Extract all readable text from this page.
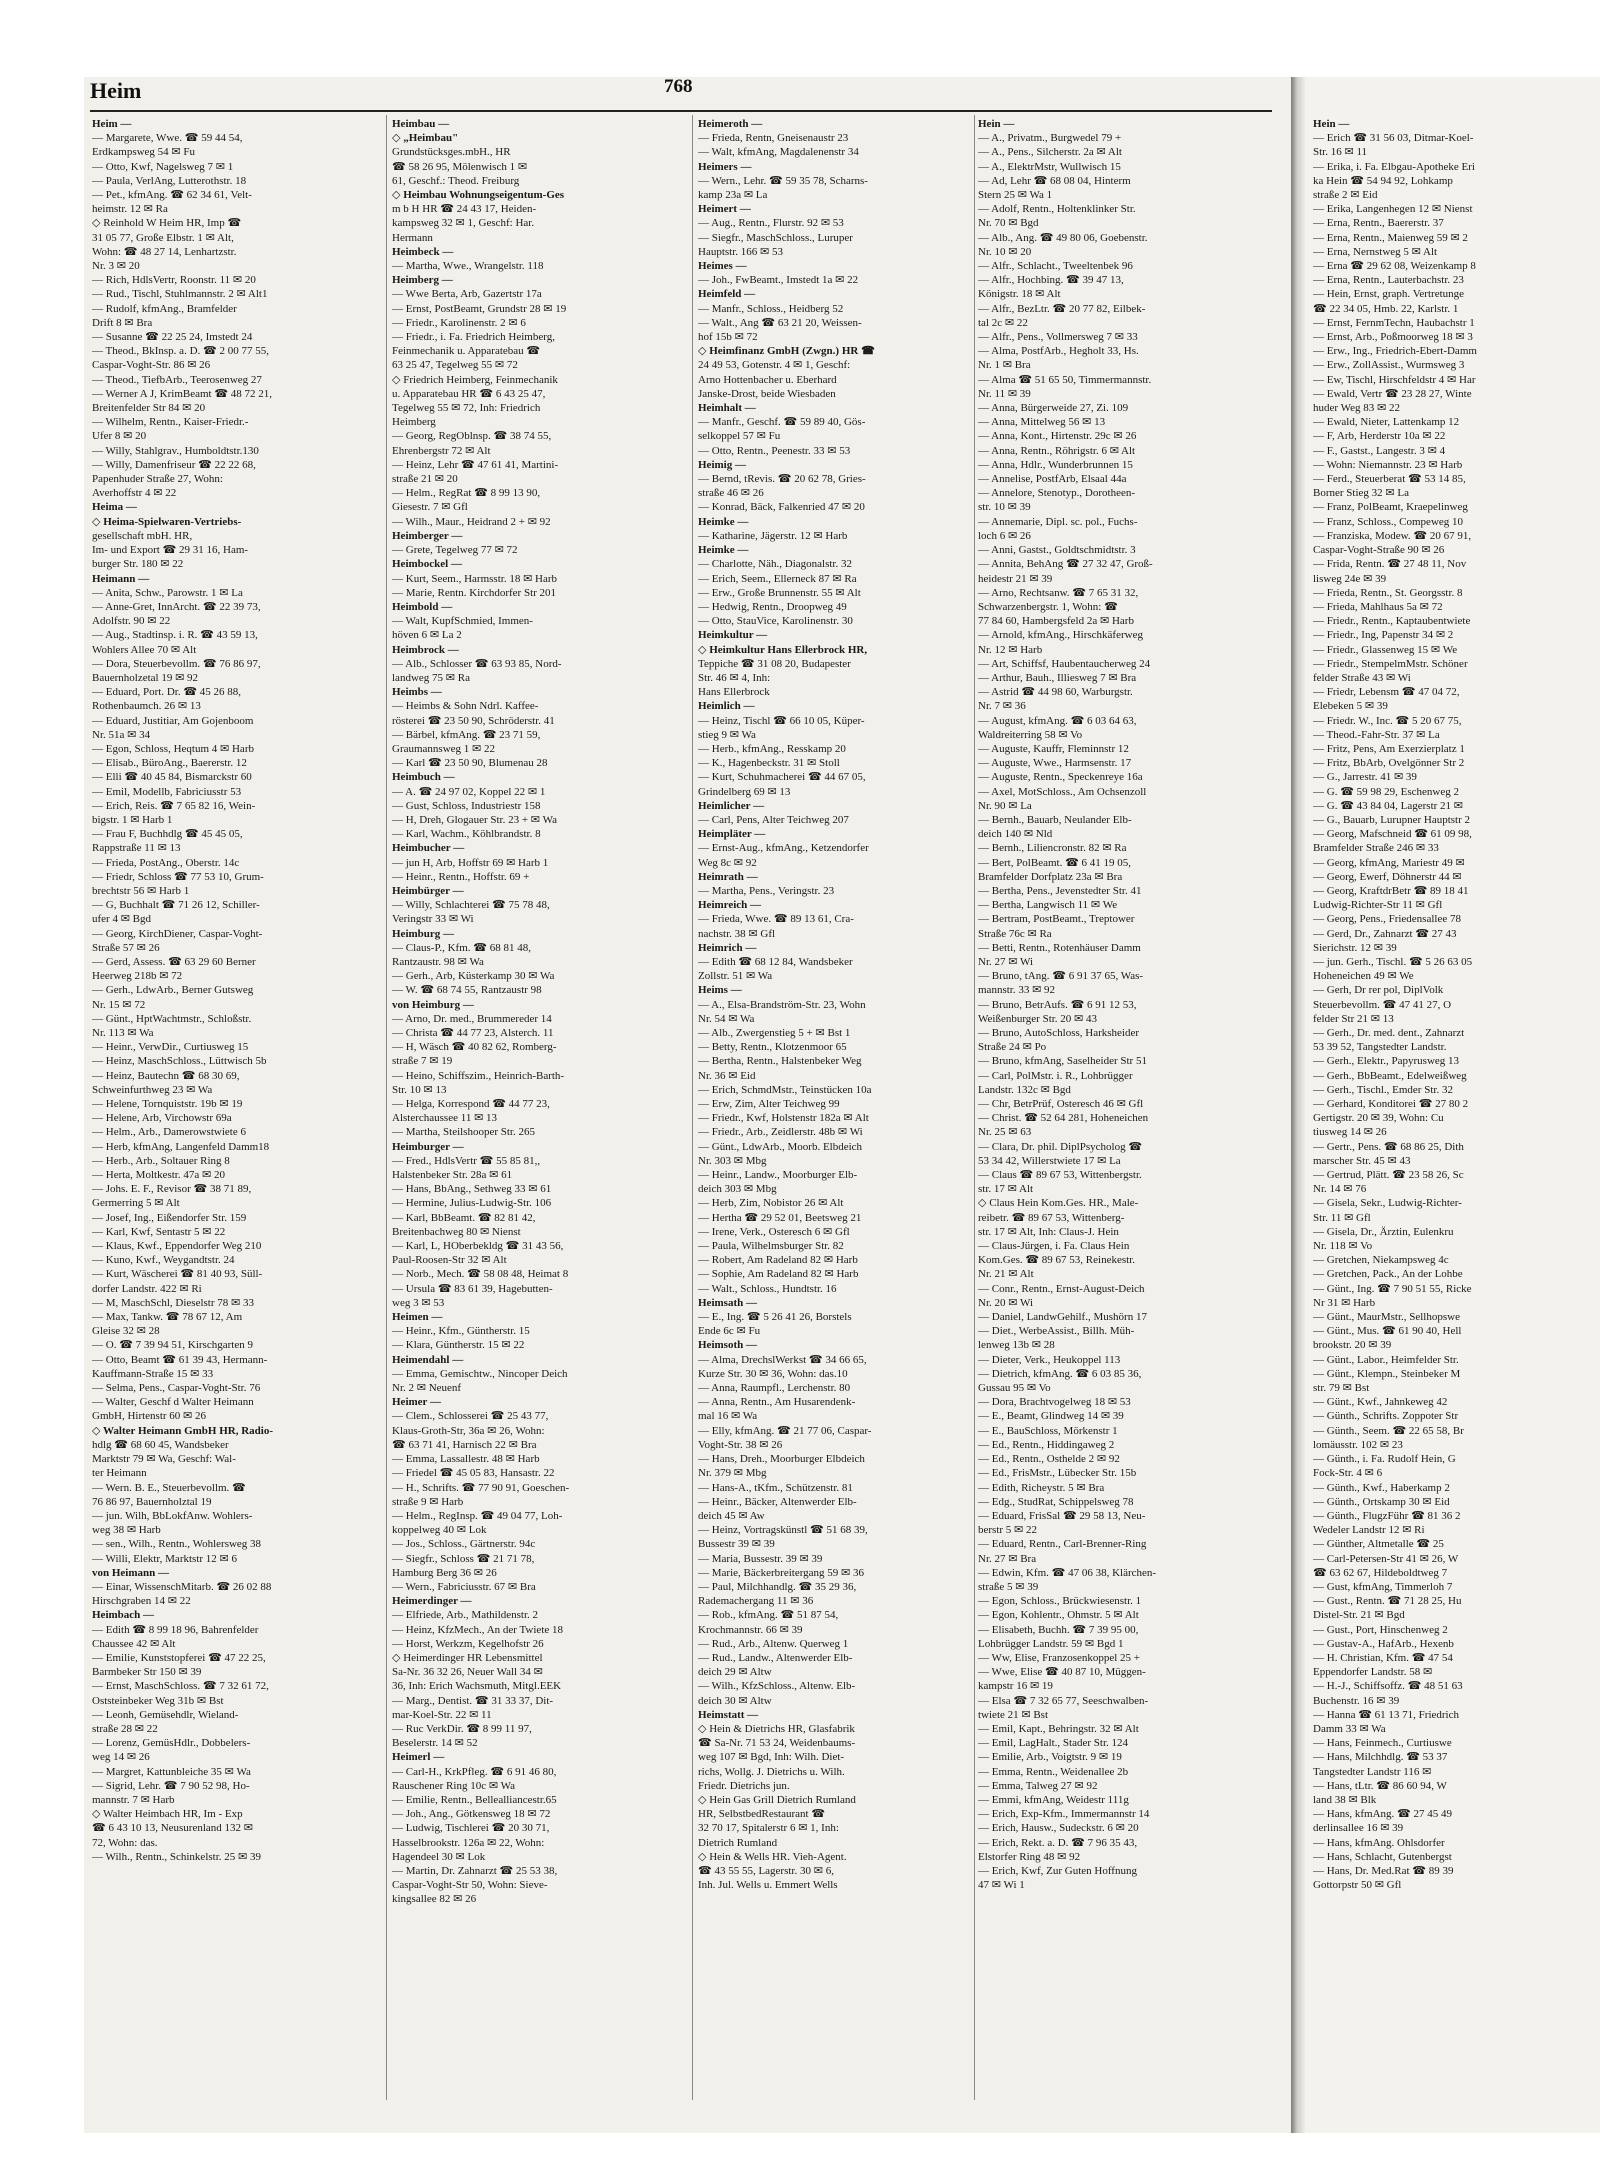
Heim	768
Heim —
— Margarete, Wwe. ☎ 59 44 54,
Erdkampsweg 54 ✉ Fu
— Otto, Kwf, Nagelsweg 7 ✉ 1
— Paula, VerlAng, Lutterothstr. 18
— Pet., kfmAng. ☎ 62 34 61, Velt-
heimstr. 12 ✉ Ra
◇ Reinhold W Heim HR, Imp ☎
31 05 77, Große Elbstr. 1 ✉ Alt,
Wohn: ☎ 48 27 14, Lenhartzstr.
Nr. 3 ✉ 20
— Rich, HdlsVertr, Roonstr. 11 ✉ 20
— Rud., Tischl, Stuhlmannstr. 2 ✉ Alt1
— Rudolf, kfmAng., Bramfelder
Drift 8 ✉ Bra
— Susanne ☎ 22 25 24, Imstedt 24
— Theod., BkInsp. a. D. ☎ 2 00 77 55,
Caspar-Voght-Str. 86 ✉ 26
— Theod., TiefbArb., Teerosenweg 27
— Werner A J, KrimBeamt ☎ 48 72 21,
Breitenfelder Str 84 ✉ 20
— Wilhelm, Rentn., Kaiser-Friedr.-
Ufer 8 ✉ 20
— Willy, Stahlgrav., Humboldtstr.130
— Willy, Damenfriseur ☎ 22 22 68,
Papenhuder Straße 27, Wohn:
Averhoffstr 4 ✉ 22
Heima —
◇ Heima-Spielwaren-Vertriebs-
gesellschaft mbH. HR,
Im- und Export ☎ 29 31 16, Ham-
burger Str. 180 ✉ 22
Heimann —
— Anita, Schw., Parowstr. 1 ✉ La
— Anne-Gret, InnArcht. ☎ 22 39 73,
Adolfstr. 90 ✉ 22
— Aug., Stadtinsp. i. R. ☎ 43 59 13,
Wohlers Allee 70 ✉ Alt
— Dora, Steuerbevollm. ☎ 76 86 97,
Bauernholzetal 19 ✉ 92
— Eduard, Port. Dr. ☎ 45 26 88,
Rothenbaumch. 26 ✉ 13
— Eduard, Justitiar, Am Gojenboom
Nr. 51a ✉ 34
— Egon, Schloss, Heqtum 4 ✉ Harb
— Elisab., BüroAng., Baererstr. 12
— Elli ☎ 40 45 84, Bismarckstr 60
— Emil, Modellb, Fabriciusstr 53
— Erich, Reis. ☎ 7 65 82 16, Wein-
bigstr. 1 ✉ Harb 1
— Frau F, Buchhdlg ☎ 45 45 05,
Rappstraße 11 ✉ 13
— Frieda, PostAng., Oberstr. 14c
— Friedr, Schloss ☎ 77 53 10, Grum-
brechtstr 56 ✉ Harb 1
— G, Buchhalt ☎ 71 26 12, Schiller-
ufer 4 ✉ Bgd
— Georg, KirchDiener, Caspar-Voght-
Straße 57 ✉ 26
— Gerd, Assess. ☎ 63 29 60 Berner
Heerweg 218b ✉ 72
— Gerh., LdwArb., Berner Gutsweg
Nr. 15 ✉ 72
— Günt., HptWachtmstr., Schloßstr.
Nr. 113 ✉ Wa
— Heinr., VerwDir., Curtiusweg 15
— Heinz, MaschSchloss., Lüttwisch 5b
— Heinz, Bautechn ☎ 68 30 69,
Schweinfurthweg 23 ✉ Wa
— Helene, Tornquiststr. 19b ✉ 19
— Helene, Arb, Virchowstr 69a
— Helm., Arb., Damerowstwiete 6
— Herb, kfmAng, Langenfeld Damm18
— Herb., Arb., Soltauer Ring 8
— Herta, Moltkestr. 47a ✉ 20
— Johs. E. F., Revisor ☎ 38 71 89,
Germerring 5 ✉ Alt
— Josef, Ing., Eißendorfer Str. 159
— Karl, Kwf, Sentastr 5 ✉ 22
— Klaus, Kwf., Eppendorfer Weg 210
— Kuno, Kwf., Weygandtstr. 24
— Kurt, Wäscherei ☎ 81 40 93, Süll-
dorfer Landstr. 422 ✉ Ri
— M, MaschSchl, Dieselstr 78 ✉ 33
— Max, Tankw. ☎ 78 67 12, Am
Gleise 32 ✉ 28
— O. ☎ 7 39 94 51, Kirschgarten 9
— Otto, Beamt ☎ 61 39 43, Hermann-
Kauffmann-Straße 15 ✉ 33
— Selma, Pens., Caspar-Voght-Str. 76
— Walter, Geschf d Walter Heimann
GmbH, Hirtenstr 60 ✉ 26
◇ Walter Heimann GmbH HR, Radio-
hdlg ☎ 68 60 45, Wandsbeker
Marktstr 79 ✉ Wa, Geschf: Wal-
ter Heimann
— Wern. B. E., Steuerbevollm. ☎
76 86 97, Bauernholztal 19
— jun. Wilh, BbLokfAnw. Wohlers-
weg 38 ✉ Harb
— sen., Wilh., Rentn., Wohlersweg 38
— Willi, Elektr, Marktstr 12 ✉ 6
von Heimann —
— Einar, WissenschMitarb. ☎ 26 02 88
Hirschgraben 14 ✉ 22
Heimbach —
— Edith ☎ 8 99 18 96, Bahrenfelder
Chaussee 42 ✉ Alt
— Emilie, Kunststopferei ☎ 47 22 25,
Barmbeker Str 150 ✉ 39
— Ernst, MaschSchloss. ☎ 7 32 61 72,
Oststeinbeker Weg 31b ✉ Bst
— Leonh, Gemüsehdlr, Wieland-
straße 28 ✉ 22
— Lorenz, GemüsHdlr., Dobbelers-
weg 14 ✉ 26
— Margret, Kattunbleiche 35 ✉ Wa
— Sigrid, Lehr. ☎ 7 90 52 98, Ho-
mannstr. 7 ✉ Harb
◇ Walter Heimbach HR, Im - Exp
☎ 6 43 10 13, Neusurenland 132 ✉
72, Wohn: das.
— Wilh., Rentn., Schinkelstr. 25 ✉ 39
Heimbau —
◇ „Heimbau"
Grundstücksges.mbH., HR
☎ 58 26 95, Mölenwisch 1 ✉
61, Geschf.: Theod. Freiburg
◇ Heimbau Wohnungseigentum-Ges
m b H HR ☎ 24 43 17, Heiden-
kampsweg 32 ✉ 1, Geschf: Har.
Hermann
Heimbeck —
— Martha, Wwe., Wrangelstr. 118
Heimberg —
— Wwe Berta, Arb, Gazertstr 17a
— Ernst, PostBeamt, Grundstr 28 ✉ 19
— Friedr., Karolinenstr. 2 ✉ 6
— Friedr., i. Fa. Friedrich Heimberg,
Feinmechanik u. Apparatebau ☎
63 25 47, Tegelweg 55 ✉ 72
◇ Friedrich Heimberg, Feinmechanik
u. Apparatebau HR ☎ 6 43 25 47,
Tegelweg 55 ✉ 72, Inh: Friedrich
Heimberg
— Georg, RegOblnsp. ☎ 38 74 55,
Ehrenbergstr 72 ✉ Alt
— Heinz, Lehr ☎ 47 61 41, Martini-
straße 21 ✉ 20
— Helm., RegRat ☎ 8 99 13 90,
Giesestr. 7 ✉ Gfl
— Wilh., Maur., Heidrand 2 + ✉ 92
Heimberger —
— Grete, Tegelweg 77 ✉ 72
Heimbockel —
— Kurt, Seem., Harmsstr. 18 ✉ Harb
— Marie, Rentn. Kirchdorfer Str 201
Heimbold —
— Walt, KupfSchmied, Immen-
höven 6 ✉ La 2
Heimbrock —
— Alb., Schlosser ☎ 63 93 85, Nord-
landweg 75 ✉ Ra
Heimbs —
— Heimbs & Sohn Ndrl. Kaffee-
rösterei ☎ 23 50 90, Schröderstr. 41
— Bärbel, kfmAng. ☎ 23 71 59,
Graumannsweg 1 ✉ 22
— Karl ☎ 23 50 90, Blumenau 28
Heimbuch —
— A. ☎ 24 97 02, Koppel 22 ✉ 1
— Gust, Schloss, Industriestr 158
— H, Dreh, Glogauer Str. 23 + ✉ Wa
— Karl, Wachm., Köhlbrandstr. 8
Heimbucher —
— jun H, Arb, Hoffstr 69 ✉ Harb 1
— Heinr., Rentn., Hoffstr. 69 +
Heimbürger —
— Willy, Schlachterei ☎ 75 78 48,
Veringstr 33 ✉ Wi
Heimburg —
— Claus-P., Kfm. ☎ 68 81 48,
Rantzaustr. 98 ✉ Wa
— Gerh., Arb, Küsterkamp 30 ✉ Wa
— W. ☎ 68 74 55, Rantzaustr 98
von Heimburg —
— Arno, Dr. med., Brummereder 14
— Christa ☎ 44 77 23, Alsterch. 11
— H, Wäsch ☎ 40 82 62, Romberg-
straße 7 ✉ 19
— Heino, Schiffszim., Heinrich-Barth-
Str. 10 ✉ 13
— Helga, Korrespond ☎ 44 77 23,
Alsterchaussee 11 ✉ 13
— Martha, Steilshooper Str. 265
Heimburger —
— Fred., HdlsVertr ☎ 55 85 81,,
Halstenbeker Str. 28a ✉ 61
— Hans, BbAng., Sethweg 33 ✉ 61
— Hermine, Julius-Ludwig-Str. 106
— Karl, BbBeamt. ☎ 82 81 42,
Breitenbachweg 80 ✉ Nienst
— Karl, L, HOberbekldg ☎ 31 43 56,
Paul-Roosen-Str 32 ✉ Alt
— Norb., Mech. ☎ 58 08 48, Heimat 8
— Ursula ☎ 83 61 39, Hagebutten-
weg 3 ✉ 53
Heimen —
— Heinr., Kfm., Güntherstr. 15
— Klara, Güntherstr. 15 ✉ 22
Heimendahl —
— Emma, Gemischtw., Nincoper Deich
Nr. 2 ✉ Neuenf
Heimer —
— Clem., Schlosserei ☎ 25 43 77,
Klaus-Groth-Str, 36a ✉ 26, Wohn:
☎ 63 71 41, Harnisch 22 ✉ Bra
— Emma, Lassallestr. 48 ✉ Harb
— Friedel ☎ 45 05 83, Hansastr. 22
— H., Schrifts. ☎ 77 90 91, Goeschen-
straße 9 ✉ Harb
— Helm., RegInsp. ☎ 49 04 77, Loh-
koppelweg 40 ✉ Lok
— Jos., Schloss., Gärtnerstr. 94c
— Siegfr., Schloss ☎ 21 71 78,
Hamburg Berg 36 ✉ 26
— Wern., Fabriciusstr. 67 ✉ Bra
Heimerdinger —
— Elfriede, Arb., Mathildenstr. 2
— Heinz, KfzMech., An der Twiete 18
— Horst, Werkzm, Kegelhofstr 26
◇ Heimerdinger HR Lebensmittel
Sa-Nr. 36 32 26, Neuer Wall 34 ✉
36, Inh: Erich Wachsmuth, Mitgl.EEK
— Marg., Dentist. ☎ 31 33 37, Dit-
mar-Koel-Str. 22 ✉ 11
— Ruc VerkDir. ☎ 8 99 11 97,
Beselerstr. 14 ✉ 52
Heimerl —
— Carl-H., KrkPfleg. ☎ 6 91 46 80,
Rauschener Ring 10c ✉ Wa
— Emilie, Rentn., Belleallianсestr.65
— Joh., Ang., Götkensweg 18 ✉ 72
— Ludwig, Tischlerei ☎ 20 30 71,
Hasselbrookstr. 126a ✉ 22, Wohn:
Hagendeel 30 ✉ Lok
— Martin, Dr. Zahnarzt ☎ 25 53 38,
Caspar-Voght-Str 50, Wohn: Sieve-
kingsallee 82 ✉ 26
Heimeroth —
— Frieda, Rentn, Gneisenaustr 23
— Walt, kfmAng, Magdalenenstr 34
Heimers —
— Wern., Lehr. ☎ 59 35 78, Scharns-
kamp 23a ✉ La
Heimert —
— Aug., Rentn., Flurstr. 92 ✉ 53
— Siegfr., MaschSchloss., Luruper
Hauptstr. 166 ✉ 53
Heimes —
— Joh., FwBeamt., Imstedt 1a ✉ 22
Heimfeld —
— Manfr., Schloss., Heidberg 52
— Walt., Ang ☎ 63 21 20, Weissen-
hof 15b ✉ 72
◇ Heimfinanz GmbH (Zwgn.) HR ☎
24 49 53, Gotenstr. 4 ✉ 1, Geschf:
Arno Hottenbacher u. Eberhard
Janske-Drost, beide Wiesbaden
Heimhalt —
— Manfr., Geschf. ☎ 59 89 40, Gös-
selkoppel 57 ✉ Fu
— Otto, Rentn., Peenestr. 33 ✉ 53
Heimig —
— Bernd, tRevis. ☎ 20 62 78, Gries-
straße 46 ✉ 26
— Konrad, Bäck, Falkenried 47 ✉ 20
Heimke —
— Katharine, Jägerstr. 12 ✉ Harb
Heimke —
— Charlotte, Näh., Diagonalstr. 32
— Erich, Seem., Ellerneck 87 ✉ Ra
— Erw., Große Brunnenstr. 55 ✉ Alt
— Hedwig, Rentn., Droopweg 49
— Otto, StauVice, Karolinenstr. 30
Heimkultur —
◇ Heimkultur Hans Ellerbrock HR,
Teppiche ☎ 31 08 20, Budapester
Str. 46 ✉ 4, Inh:
Hans Ellerbrock
Heimlich —
— Heinz, Tischl ☎ 66 10 05, Küper-
stieg 9 ✉ Wa
— Herb., kfmAng., Resskamp 20
— K., Hagenbeckstr. 31 ✉ Stoll
— Kurt, Schuhmacherei ☎ 44 67 05,
Grindelberg 69 ✉ 13
Heimlicher —
— Carl, Pens, Alter Teichweg 207
Heimpläter —
— Ernst-Aug., kfmAng., Ketzendorfer
Weg 8c ✉ 92
Heimrath —
— Martha, Pens., Veringstr. 23
Heimreich —
— Frieda, Wwe. ☎ 89 13 61, Cra-
nachstr. 38 ✉ Gfl
Heimrich —
— Edith ☎ 68 12 84, Wandsbeker
Zollstr. 51 ✉ Wa
Heims —
— A., Elsa-Brandström-Str. 23, Wohn
Nr. 54 ✉ Wa
— Alb., Zwergenstieg 5 + ✉ Bst 1
— Betty, Rentn., Klotzenmoor 65
— Bertha, Rentn., Halstenbeker Weg
Nr. 36 ✉ Eid
— Erich, SchmdMstr., Teinstücken 10a
— Erw, Zim, Alter Teichweg 99
— Friedr., Kwf, Holstenstr 182a ✉ Alt
— Friedr., Arb., Zeidlerstr. 48b ✉ Wi
— Günt., LdwArb., Moorb. Elbdeich
Nr. 303 ✉ Mbg
— Heinr., Landw., Moorburger Elb-
deich 303 ✉ Mbg
— Herb, Zim, Nobistor 26 ✉ Alt
— Hertha ☎ 29 52 01, Beetsweg 21
— Irene, Verk., Osteresch 6 ✉ Gfl
— Paula, Wilhelmsburger Str. 82
— Robert, Am Radeland 82 ✉ Harb
— Sophie, Am Radeland 82 ✉ Harb
— Walt., Schloss., Hundtstr. 16
Heimsath —
— E., Ing. ☎ 5 26 41 26, Borstels
Ende 6c ✉ Fu
Heimsoth —
— Alma, DrechslWerkst ☎ 34 66 65,
Kurze Str. 30 ✉ 36, Wohn: das.10
— Anna, Raumpfl., Lerchenstr. 80
— Anna, Rentn., Am Husarendenk-
mal 16 ✉ Wa
— Elly, kfmAng. ☎ 21 77 06, Caspar-
Voght-Str. 38 ✉ 26
— Hans, Dreh., Moorburger Elbdeich
Nr. 379 ✉ Mbg
— Hans-A., tKfm., Schützenstr. 81
— Heinr., Bäcker, Altenwerder Elb-
deich 45 ✉ Aw
— Heinz, Vortragskünstl ☎ 51 68 39,
Bussestr 39 ✉ 39
— Maria, Bussestr. 39 ✉ 39
— Marie, Bäckerbreitergang 59 ✉ 36
— Paul, Milchhandlg. ☎ 35 29 36,
Rademachergang 11 ✉ 36
— Rob., kfmAng. ☎ 51 87 54,
Krochmannstr. 66 ✉ 39
— Rud., Arb., Altenw. Querweg 1
— Rud., Landw., Altenwerder Elb-
deich 29 ✉ Altw
— Wilh., KfzSchloss., Altenw. Elb-
deich 30 ✉ Altw
Heimstatt —
◇ Hein & Dietrichs HR, Glasfabrik
☎ Sa-Nr. 71 53 24, Weidenbaums-
weg 107 ✉ Bgd, Inh: Wilh. Diet-
richs, Wollg. J. Dietrichs u. Wilh.
Friedr. Dietrichs jun.
◇ Hein Gas Grill Dietrich Rumland
HR, SelbstbedRestaurant ☎
32 70 17, Spitalerstr 6 ✉ 1, Inh:
Dietrich Rumland
◇ Hein & Wells HR. Vieh-Agent.
☎ 43 55 55, Lagerstr. 30 ✉ 6,
Inh. Jul. Wells u. Emmert Wells
Hein —
— A., Privatm., Burgwedel 79 +
— A., Pens., Silcherstr. 2a ✉ Alt
— A., ElektrMstr, Wullwisch 15
— Ad, Lehr ☎ 68 08 04, Hinterm
Stern 25 ✉ Wa 1
— Adolf, Rentn., Holtenklinker Str.
Nr. 70 ✉ Bgd
— Alb., Ang. ☎ 49 80 06, Goebenstr.
Nr. 10 ✉ 20
— Alfr., Schlacht., Tweeltenbek 96
— Alfr., Hochbing. ☎ 39 47 13,
Königstr. 18 ✉ Alt
— Alfr., BezLtr. ☎ 20 77 82, Eilbek-
tal 2c ✉ 22
— Alfr., Pens., Vollmersweg 7 ✉ 33
— Alma, PostfArb., Hegholt 33, Hs.
Nr. 1 ✉ Bra
— Alma ☎ 51 65 50, Timmermannstr.
Nr. 11 ✉ 39
— Anna, Bürgerweide 27, Zi. 109
— Anna, Mittelweg 56 ✉ 13
— Anna, Kont., Hirtenstr. 29c ✉ 26
— Anna, Rentn., Röhrigstr. 6 ✉ Alt
— Anna, Hdlr., Wunderbrunnen 15
— Annelise, PostfArb, Elsaal 44a
— Annelore, Stenotyp., Dorotheen-
str. 10 ✉ 39
— Annemarie, Dipl. sc. pol., Fuchs-
loch 6 ✉ 26
— Anni, Gastst., Goldtschmidtstr. 3
— Annita, BehAng ☎ 27 32 47, Groß-
heidestr 21 ✉ 39
— Arno, Rechtsanw. ☎ 7 65 31 32,
Schwarzenbergstr. 1, Wohn: ☎
77 84 60, Hambergsfeld 2a ✉ Harb
— Arnold, kfmAng., Hirschkäferweg
Nr. 12 ✉ Harb
— Art, Schiffsf, Haubentaucherweg 24
— Arthur, Bauh., Illiesweg 7 ✉ Bra
— Astrid ☎ 44 98 60, Warburgstr.
Nr. 7 ✉ 36
— August, kfmAng. ☎ 6 03 64 63,
Waldreiterring 58 ✉ Vo
— Auguste, Kauffr, Fleminnstr 12
— Auguste, Wwe., Harmsenstr. 17
— Auguste, Rentn., Speckenreye 16a
— Axel, MotSchloss., Am Ochsenzoll
Nr. 90 ✉ La
— Bernh., Bauarb, Neulander Elb-
deich 140 ✉ Nld
— Bernh., Liliencronstr. 82 ✉ Ra
— Bert, PolBeamt. ☎ 6 41 19 05,
Bramfelder Dorfplatz 23a ✉ Bra
— Bertha, Pens., Jevenstedter Str. 41
— Bertha, Langwisch 11 ✉ We
— Bertram, PostBeamt., Treptower
Straße 76c ✉ Ra
— Betti, Rentn., Rotenhäuser Damm
Nr. 27 ✉ Wi
— Bruno, tAng. ☎ 6 91 37 65, Was-
mannstr. 33 ✉ 92
— Bruno, BetrAufs. ☎ 6 91 12 53,
Weißenburger Str. 20 ✉ 43
— Bruno, AutoSchloss, Harksheider
Straße 24 ✉ Po
— Bruno, kfmAng, Saselheider Str 51
— Carl, PolMstr. i. R., Lohbrügger
Landstr. 132c ✉ Bgd
— Chr, BetrPrüf, Osteresch 46 ✉ Gfl
— Christ. ☎ 52 64 281, Hoheneichen
Nr. 25 ✉ 63
— Clara, Dr. phil. DiplPsycholog ☎
53 34 42, Willerstwiete 17 ✉ La
— Claus ☎ 89 67 53, Wittenbergstr.
str. 17 ✉ Alt
◇ Claus Hein Kom.Ges. HR., Male-
reibetr. ☎ 89 67 53, Wittenberg-
str. 17 ✉ Alt, Inh: Claus-J. Hein
— Claus-Jürgen, i. Fa. Claus Hein
Kom.Ges. ☎ 89 67 53, Reinekestr.
Nr. 21 ✉ Alt
— Conr., Rentn., Ernst-August-Deich
Nr. 20 ✉ Wi
— Daniel, LandwGehilf., Mushörn 17
— Diet., WerbeAssist., Billh. Müh-
lenweg 13b ✉ 28
— Dieter, Verk., Heukoppel 113
— Dietrich, kfmAng. ☎ 6 03 85 36,
Gussau 95 ✉ Vo
— Dora, Brachtvogelweg 18 ✉ 53
— E., Beamt, Glindweg 14 ✉ 39
— E., BauSchloss, Mörkenstr 1
— Ed., Rentn., Hiddingaweg 2
— Ed., Rentn., Osthelde 2 ✉ 92
— Ed., FrisMstr., Lübecker Str. 15b
— Edith, Richeystr. 5 ✉ Bra
— Edg., StudRat, Schippelsweg 78
— Eduard, FrisSal ☎ 29 58 13, Neu-
berstr 5 ✉ 22
— Eduard, Rentn., Carl-Brenner-Ring
Nr. 27 ✉ Bra
— Edwin, Kfm. ☎ 47 06 38, Klärchen-
straße 5 ✉ 39
— Egon, Schloss., Brückwiesenstr. 1
— Egon, Kohlentr., Ohmstr. 5 ✉ Alt
— Elisabeth, Buchh. ☎ 7 39 95 00,
Lohbrügger Landstr. 59 ✉ Bgd 1
— Ww, Elise, Franzosenkoppel 25 +
— Wwe, Elise ☎ 40 87 10, Müggen-
kampstr 16 ✉ 19
— Elsa ☎ 7 32 65 77, Seeschwalben-
twiete 21 ✉ Bst
— Emil, Kapt., Behringstr. 32 ✉ Alt
— Emil, LagHalt., Stader Str. 124
— Emilie, Arb., Voigtstr. 9 ✉ 19
— Emma, Rentn., Weidenallee 2b
— Emma, Talweg 27 ✉ 92
— Emmi, kfmAng, Weidestr 111g
— Erich, Exp-Kfm., Immermannstr 14
— Erich, Hausw., Sudeckstr. 6 ✉ 20
— Erich, Rekt. a. D. ☎ 7 96 35 43,
Elstorfer Ring 48 ✉ 92
— Erich, Kwf, Zur Guten Hoffnung
47 ✉ Wi 1
Hein —
— Erich ☎ 31 56 03, Ditmar-Koel-
Str. 16 ✉ 11
— Erika, i. Fa. Elbgau-Apotheke Eri
ka Hein ☎ 54 94 92, Lohkamp
straße 2 ✉ Eid
— Erika, Langenhegen 12 ✉ Nienst
— Erna, Rentn., Baererstr. 37
— Erna, Rentn., Maienweg 59 ✉ 2
— Erna, Nernstweg 5 ✉ Alt
— Erna ☎ 29 62 08, Weizenkamp 8
— Erna, Rentn., Lauterbachstr. 23
— Hein, Ernst, graph. Vertretunge
☎ 22 34 05, Hmb. 22, Karlstr. 1
— Ernst, FernmTechn, Haubachstr 1
— Ernst, Arb., Poßmoorweg 18 ✉ 3
— Erw., Ing., Friedrich-Ebert-Damm
— Erw., ZollAssist., Wurmsweg 3
— Ew, Tischl, Hirschfeldstr 4 ✉ Har
— Ewald, Vertr ☎ 23 28 27, Winte
huder Weg 83 ✉ 22
— Ewald, Nieter, Lattenkamp 12
— F, Arb, Herderstr 10a ✉ 22
— F., Gastst., Langestr. 3 ✉ 4
— Wohn: Niemannstr. 23 ✉ Harb
— Ferd., Steuerberat ☎ 53 14 85,
Borner Stieg 32 ✉ La
— Franz, PolBeamt, Kraepelinweg
— Franz, Schloss., Compeweg 10
— Franziska, Modew. ☎ 20 67 91,
Caspar-Voght-Straße 90 ✉ 26
— Frida, Rentn. ☎ 27 48 11, Nov
lisweg 24e ✉ 39
— Frieda, Rentn., St. Georgsstr. 8
— Frieda, Mahlhaus 5a ✉ 72
— Friedr., Rentn., Kaptaubentwiete
— Friedr., Ing, Papenstr 34 ✉ 2
— Friedr., Glassenweg 15 ✉ We
— Friedr., StempelmMstr. Schöner
felder Straße 43 ✉ Wi
— Friedr, Lebensm ☎ 47 04 72,
Elebeken 5 ✉ 39
— Friedr. W., Inc. ☎ 5 20 67 75,
— Theod.-Fahr-Str. 37 ✉ La
— Fritz, Pens, Am Exerzierplatz 1
— Fritz, BbArb, Ovelgönner Str 2
— G., Jarrestr. 41 ✉ 39
— G. ☎ 59 98 29, Eschenweg 2
— G. ☎ 43 84 04, Lagerstr 21 ✉
— G., Bauarb, Lurupner Hauptstr 2
— Georg, Mafschneid ☎ 61 09 98,
Bramfelder Straße 246 ✉ 33
— Georg, kfmAng, Mariestr 49 ✉
— Georg, Ewerf, Döhnerstr 44 ✉
— Georg, KraftdrBetr ☎ 89 18 41
Ludwig-Richter-Str 11 ✉ Gfl
— Georg, Pens., Friedensallee 78
— Gerd, Dr., Zahnarzt ☎ 27 43
Sierichstr. 12 ✉ 39
— jun. Gerh., Tischl. ☎ 5 26 63 05
Hoheneichen 49 ✉ We
— Gerh, Dr rer pol, DiplVolk
Steuerbevollm. ☎ 47 41 27, O
felder Str 21 ✉ 13
— Gerh., Dr. med. dent., Zahnarzt
53 39 52, Tangstedter Landstr.
— Gerh., Elektr., Papyrusweg 13
— Gerh., BbBeamt., Edelweißweg
— Gerh., Tischl., Emder Str. 32
— Gerhard, Konditorei ☎ 27 80 2
Gertigstr. 20 ✉ 39, Wohn: Cu
tiusweg 14 ✉ 26
— Gertr., Pens. ☎ 68 86 25, Dith
marscher Str. 45 ✉ 43
— Gertrud, Plätt. ☎ 23 58 26, Sc
Nr. 14 ✉ 76
— Gisela, Sekr., Ludwig-Richter-
Str. 11 ✉ Gfl
— Gisela, Dr., Ärztin, Eulenkru
Nr. 118 ✉ Vo
— Gretchen, Niekampsweg 4c
— Gretchen, Pack., An der Lohbe
— Günt., Ing. ☎ 7 90 51 55, Ricke
Nr 31 ✉ Harb
— Günt., MaurMstr., Sellhopswe
— Günt., Mus. ☎ 61 90 40, Hell
brookstr. 20 ✉ 39
— Günt., Labor., Heimfelder Str.
— Günt., Klempn., Steinbeker M
str. 79 ✉ Bst
— Günt., Kwf., Jahnkeweg 42
— Günth., Schrifts. Zoppoter Str
— Günth., Seem. ☎ 22 65 58, Br
lomäusstr. 102 ✉ 23
— Günth., i. Fa. Rudolf Hein, G
Fock-Str. 4 ✉ 6
— Günth., Kwf., Haberkamp 2
— Günth., Ortskamp 30 ✉ Eid
— Günth., FlugzFühr ☎ 81 36 2
Wedeler Landstr 12 ✉ Ri
— Günther, Altmetalle ☎ 25
— Carl-Petersen-Str 41 ✉ 26, W
☎ 63 62 67, Hildeboldtweg 7
— Gust, kfmAng, Timmerloh 7
— Gust., Rentn. ☎ 71 28 25, Hu
Distel-Str. 21 ✉ Bgd
— Gust., Port, Hinschenweg 2
— Gustav-A., HafArb., Hexenb
— H. Christian, Kfm. ☎ 47 54
Eppendorfer Landstr. 58 ✉
— H.-J., Schiffsoffz. ☎ 48 51 63
Buchenstr. 16 ✉ 39
— Hanna ☎ 61 13 71, Friedrich
Damm 33 ✉ Wa
— Hans, Feinmech., Curtiuswe
— Hans, Milchhdlg. ☎ 53 37
Tangstedter Landstr 116 ✉
— Hans, tLtr. ☎ 86 60 94, W
land 38 ✉ Blk
— Hans, kfmAng. ☎ 27 45 49
derlinsallee 16 ✉ 39
— Hans, kfmAng. Ohlsdorfer
— Hans, Schlacht, Gutenbergst
— Hans, Dr. Med.Rat ☎ 89 39
Gottorpstr 50 ✉ Gfl
